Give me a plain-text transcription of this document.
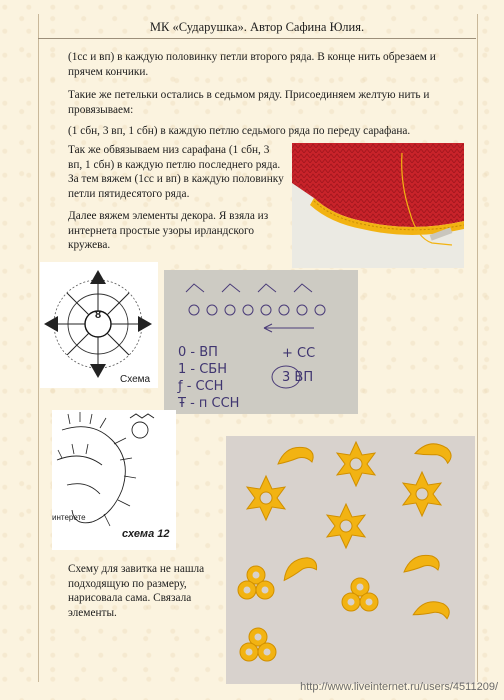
МК «Сударушка». Автор Сафина Юлия.

(1сс и вп) в каждую половинку петли второго ряда. В конце нить обрезаем и прячем кончики.

Такие же петельки остались в седьмом ряду. Присоединяем желтую нить и провязываем:

(1 сбн, 3 вп, 1 сбн) в каждую петлю седьмого ряда по переду сарафана.

Так же обвязываем низ сарафана (1 сбн, 3 вп, 1 сбн) в каждую петлю последнего ряда. За тем вяжем (1сс и вп) в каждую половинку петли пятидесятого ряда.

Далее вяжем элементы декора. Я взяла из интернета простые узоры ирландского кружева.

8
Схема
0 - ВП
1 - СБН
ƒ - ССН
Ŧ - п ССН
+ СС
3 ВП
интерете
схема 12

Схему для завитка не нашла подходящую по размеру, нарисовала сама. Связала элементы.

http://www.liveinternet.ru/users/4511209/
